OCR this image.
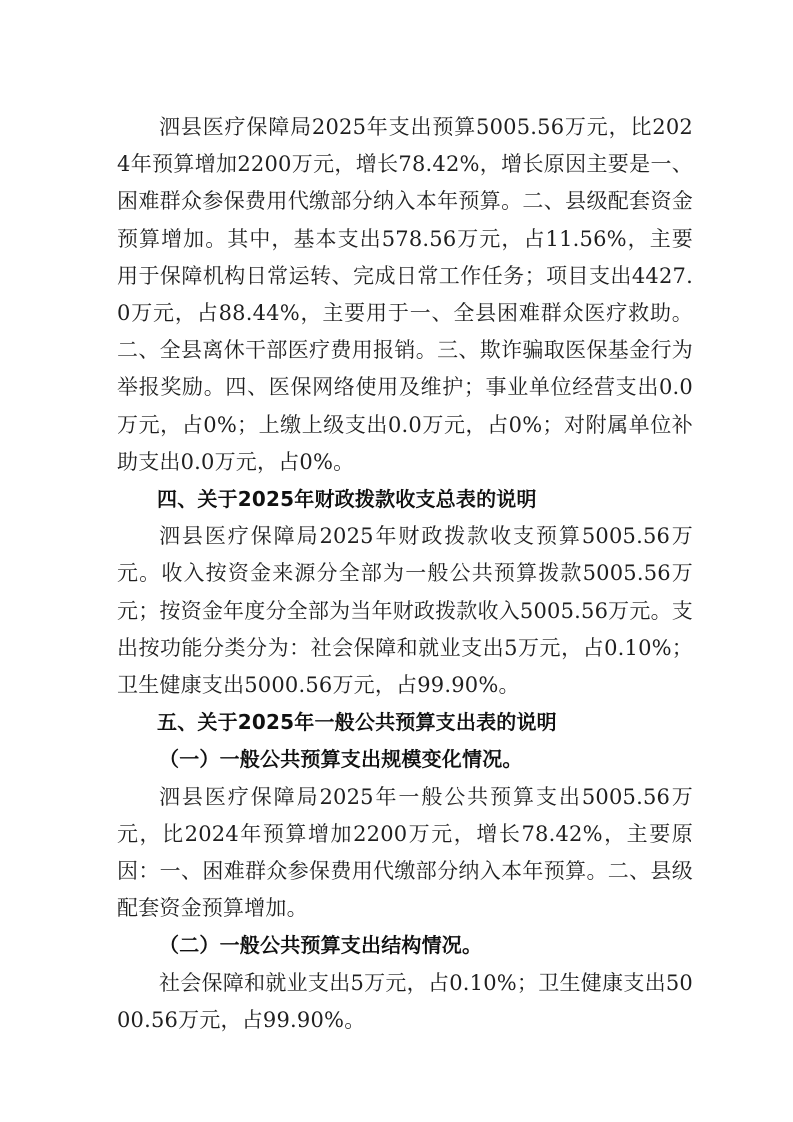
泗县医疗保障局2025年支出预算5005.56万元，比2024年预算增加2200万元，增长78.42%，增长原因主要是一、困难群众参保费用代缴部分纳入本年预算。二、县级配套资金预算增加。其中，基本支出578.56万元，占11.56%，主要用于保障机构日常运转、完成日常工作任务；项目支出4427.0万元，占88.44%，主要用于一、全县困难群众医疗救助。二、全县离休干部医疗费用报销。三、欺诈骗取医保基金行为举报奖励。四、医保网络使用及维护；事业单位经营支出0.0万元，占0%；上缴上级支出0.0万元，占0%；对附属单位补助支出0.0万元，占0%。

四、关于2025年财政拨款收支总表的说明

泗县医疗保障局2025年财政拨款收支预算5005.56万元。收入按资金来源分全部为一般公共预算拨款5005.56万元；按资金年度分全部为当年财政拨款收入5005.56万元。支出按功能分类分为：社会保障和就业支出5万元，占0.10%；卫生健康支出5000.56万元，占99.90%。

五、关于2025年一般公共预算支出表的说明
（一）一般公共预算支出规模变化情况。

泗县医疗保障局2025年一般公共预算支出5005.56万元，比2024年预算增加2200万元，增长78.42%，主要原因：一、困难群众参保费用代缴部分纳入本年预算。二、县级配套资金预算增加。

（二）一般公共预算支出结构情况。

社会保障和就业支出5万元，占0.10%；卫生健康支出5000.56万元，占99.90%。
